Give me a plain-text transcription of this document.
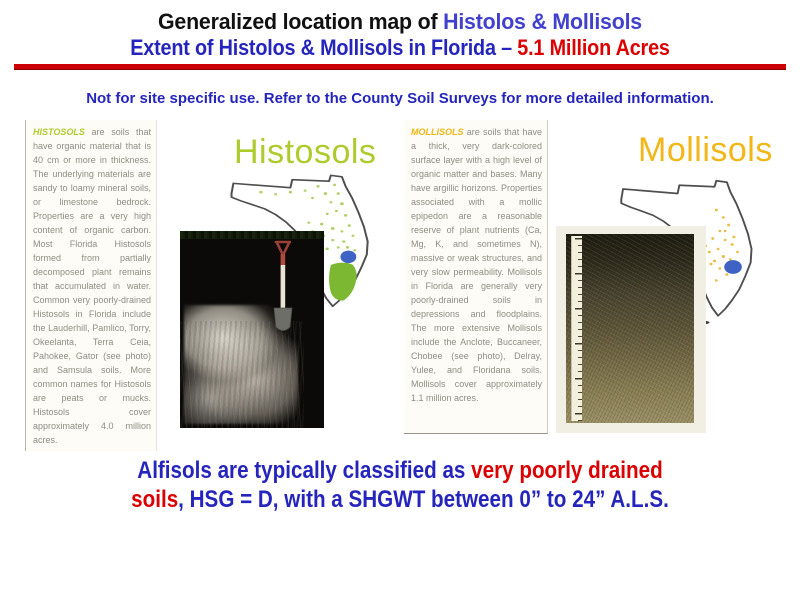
Generalized location map of Histolos & Mollisols
Extent of Histolos & Mollisols in Florida – 5.1 Million Acres
Not for site specific use. Refer to the County Soil Surveys for more detailed information.
HISTOSOLS are soils that have organic material that is 40 cm or more in thickness. The underlying materials are sandy to loamy mineral soils, or limestone bedrock. Properties are a very high content of organic carbon. Most Florida Histosols formed from partially decomposed plant remains that accumulated in water. Common very poorly-drained Histosols in Florida include the Lauderhill, Pamlico, Torry, Okeelanta, Terra Ceia, Pahokee, Gator (see photo) and Samsula soils. More common names for Histosols are peats or mucks. Histosols cover approximately 4.0 million acres.
Histosols
MOLLISOLS are soils that have a thick, very dark-colored surface layer with a high level of organic matter and bases. Many have argillic horizons. Properties associated with a mollic epipedon are a reasonable reserve of plant nutrients (Ca, Mg, K, and sometimes N), massive or weak structures, and very slow permeability. Mollisols in Florida are generally very poorly-drained soils in depressions and floodplains. The more extensive Mollisols include the Anclote, Buccaneer, Chobee (see photo), Delray, Yulee, and Floridana soils. Mollisols cover approximately 1.1 million acres.
Mollisols
Alfisols are typically classified as very poorly drained
soils, HSG = D, with a SHGWT between 0” to 24” A.L.S.
